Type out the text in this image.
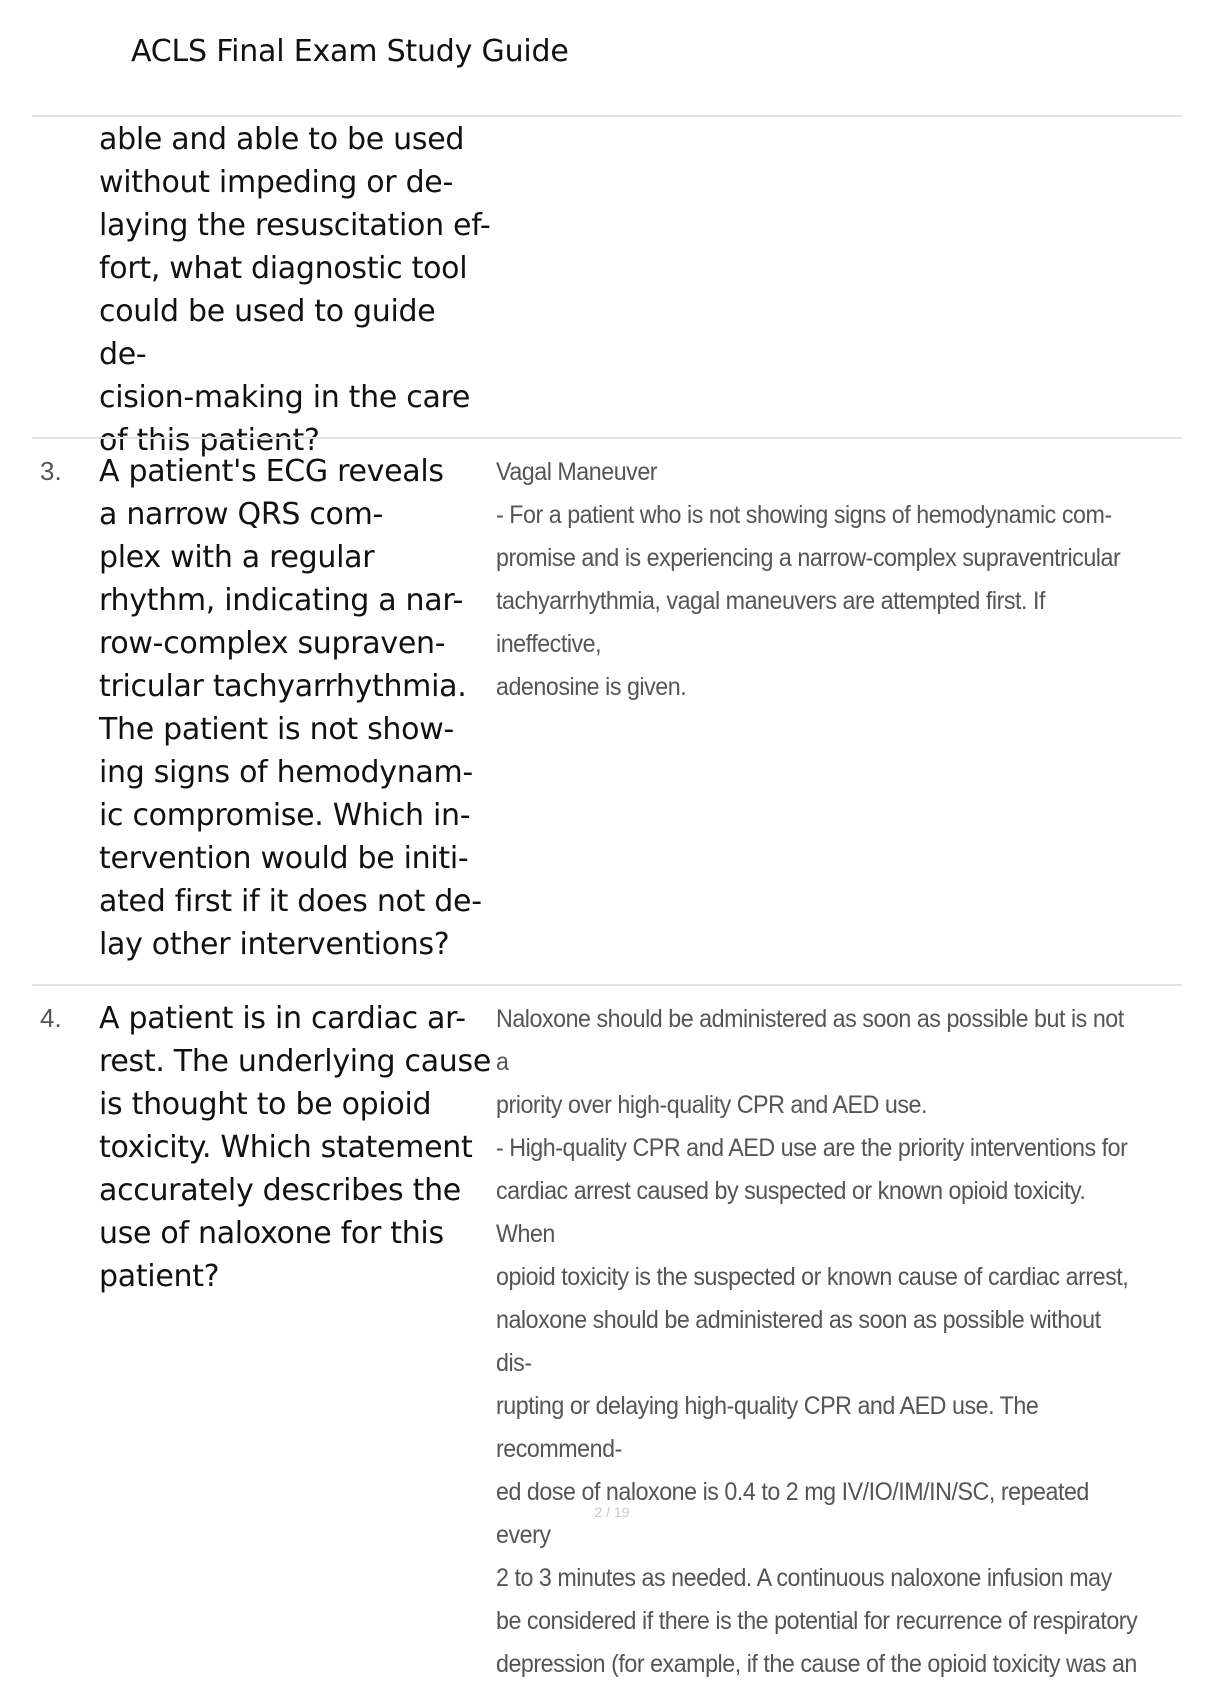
ACLS Final Exam Study Guide
able and able to be used
without impeding or de-
laying the resuscitation ef-
fort, what diagnostic tool
could be used to guide de-
cision-making in the care
of this patient?
3. A patient's ECG reveals
a narrow QRS com-
plex with a regular
rhythm, indicating a nar-
row-complex supraven-
tricular tachyarrhythmia.
The patient is not show-
ing signs of hemodynam-
ic compromise. Which in-
tervention would be initi-
ated first if it does not de-
lay other interventions?
Vagal Maneuver
- For a patient who is not showing signs of hemodynamic com-
promise and is experiencing a narrow-complex supraventricular
tachyarrhythmia, vagal maneuvers are attempted first. If ineffective,
adenosine is given.
4. A patient is in cardiac ar-
rest. The underlying cause
is thought to be opioid
toxicity. Which statement
accurately describes the
use of naloxone for this
patient?
Naloxone should be administered as soon as possible but is not a
priority over high-quality CPR and AED use.
- High-quality CPR and AED use are the priority interventions for
cardiac arrest caused by suspected or known opioid toxicity. When
opioid toxicity is the suspected or known cause of cardiac arrest,
naloxone should be administered as soon as possible without dis-
rupting or delaying high-quality CPR and AED use. The recommend-
ed dose of naloxone is 0.4 to 2 mg IV/IO/IM/IN/SC, repeated every
2 to 3 minutes as needed. A continuous naloxone infusion may
be considered if there is the potential for recurrence of respiratory
depression (for example, if the cause of the opioid toxicity was an
2 / 19
